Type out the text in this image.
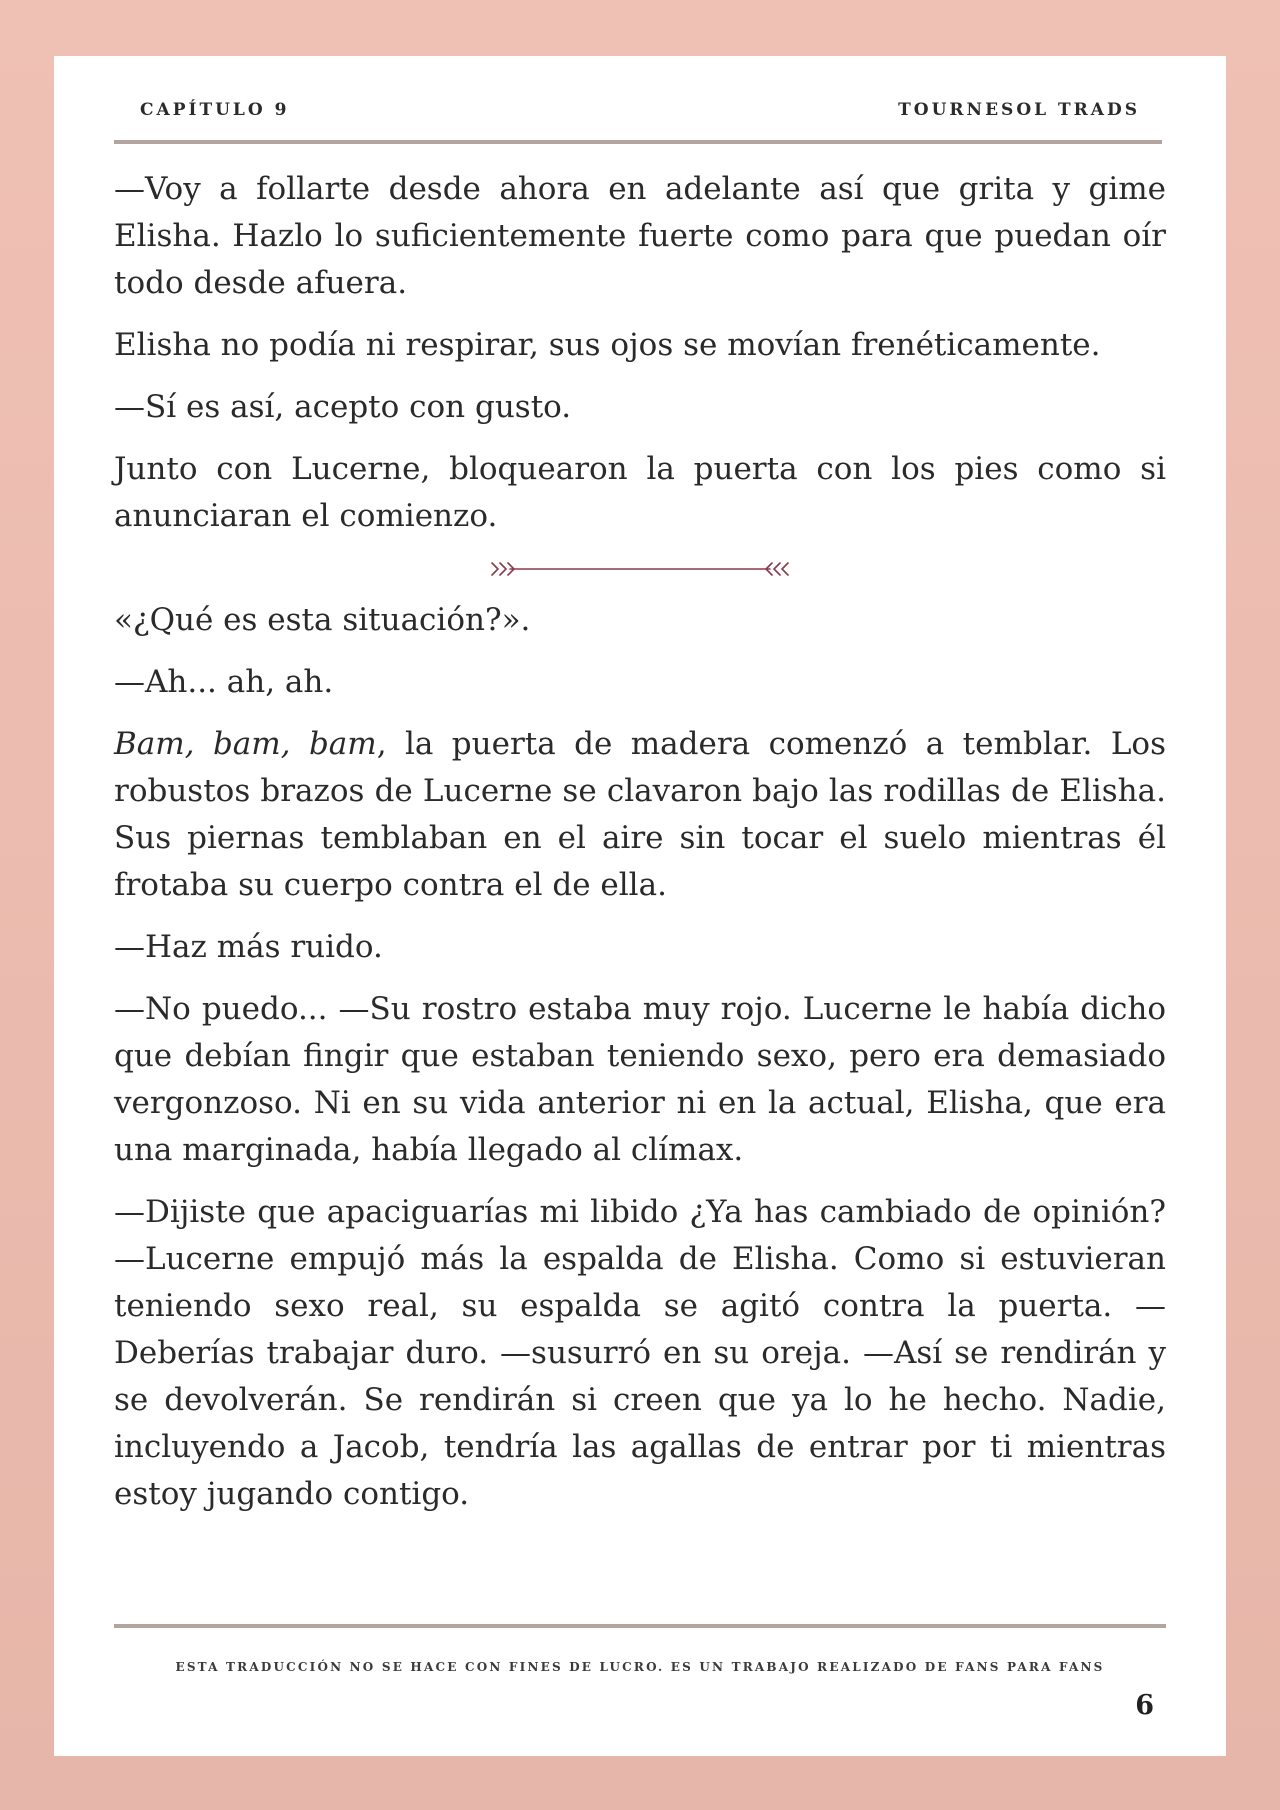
CAPÍTULO 9	TOURNESOL TRADS

—Voy a follarte desde ahora en adelante así que grita y gime Elisha. Hazlo lo suficientemente fuerte como para que puedan oír todo desde afuera.

Elisha no podía ni respirar, sus ojos se movían frenéticamente.

—Sí es así, acepto con gusto.

Junto con Lucerne, bloquearon la puerta con los pies como si anunciaran el comienzo.

«¿Qué es esta situación?».

—Ah... ah, ah.

Bam, bam, bam, la puerta de madera comenzó a temblar. Los robustos brazos de Lucerne se clavaron bajo las rodillas de Elisha. Sus piernas temblaban en el aire sin tocar el suelo mientras él frotaba su cuerpo contra el de ella.

—Haz más ruido.

—No puedo... —Su rostro estaba muy rojo. Lucerne le había dicho que debían fingir que estaban teniendo sexo, pero era demasiado vergonzoso. Ni en su vida anterior ni en la actual, Elisha, que era una marginada, había llegado al clímax.

—Dijiste que apaciguarías mi libido ¿Ya has cambiado de opinión? —Lucerne empujó más la espalda de Elisha. Como si estuvieran teniendo sexo real, su espalda se agitó contra la puerta. —Deberías trabajar duro. —susurró en su oreja. —Así se rendirán y se devolverán. Se rendirán si creen que ya lo he hecho. Nadie, incluyendo a Jacob, tendría las agallas de entrar por ti mientras estoy jugando contigo.

ESTA TRADUCCIÓN NO SE HACE CON FINES DE LUCRO. ES UN TRABAJO REALIZADO DE FANS PARA FANS
6
